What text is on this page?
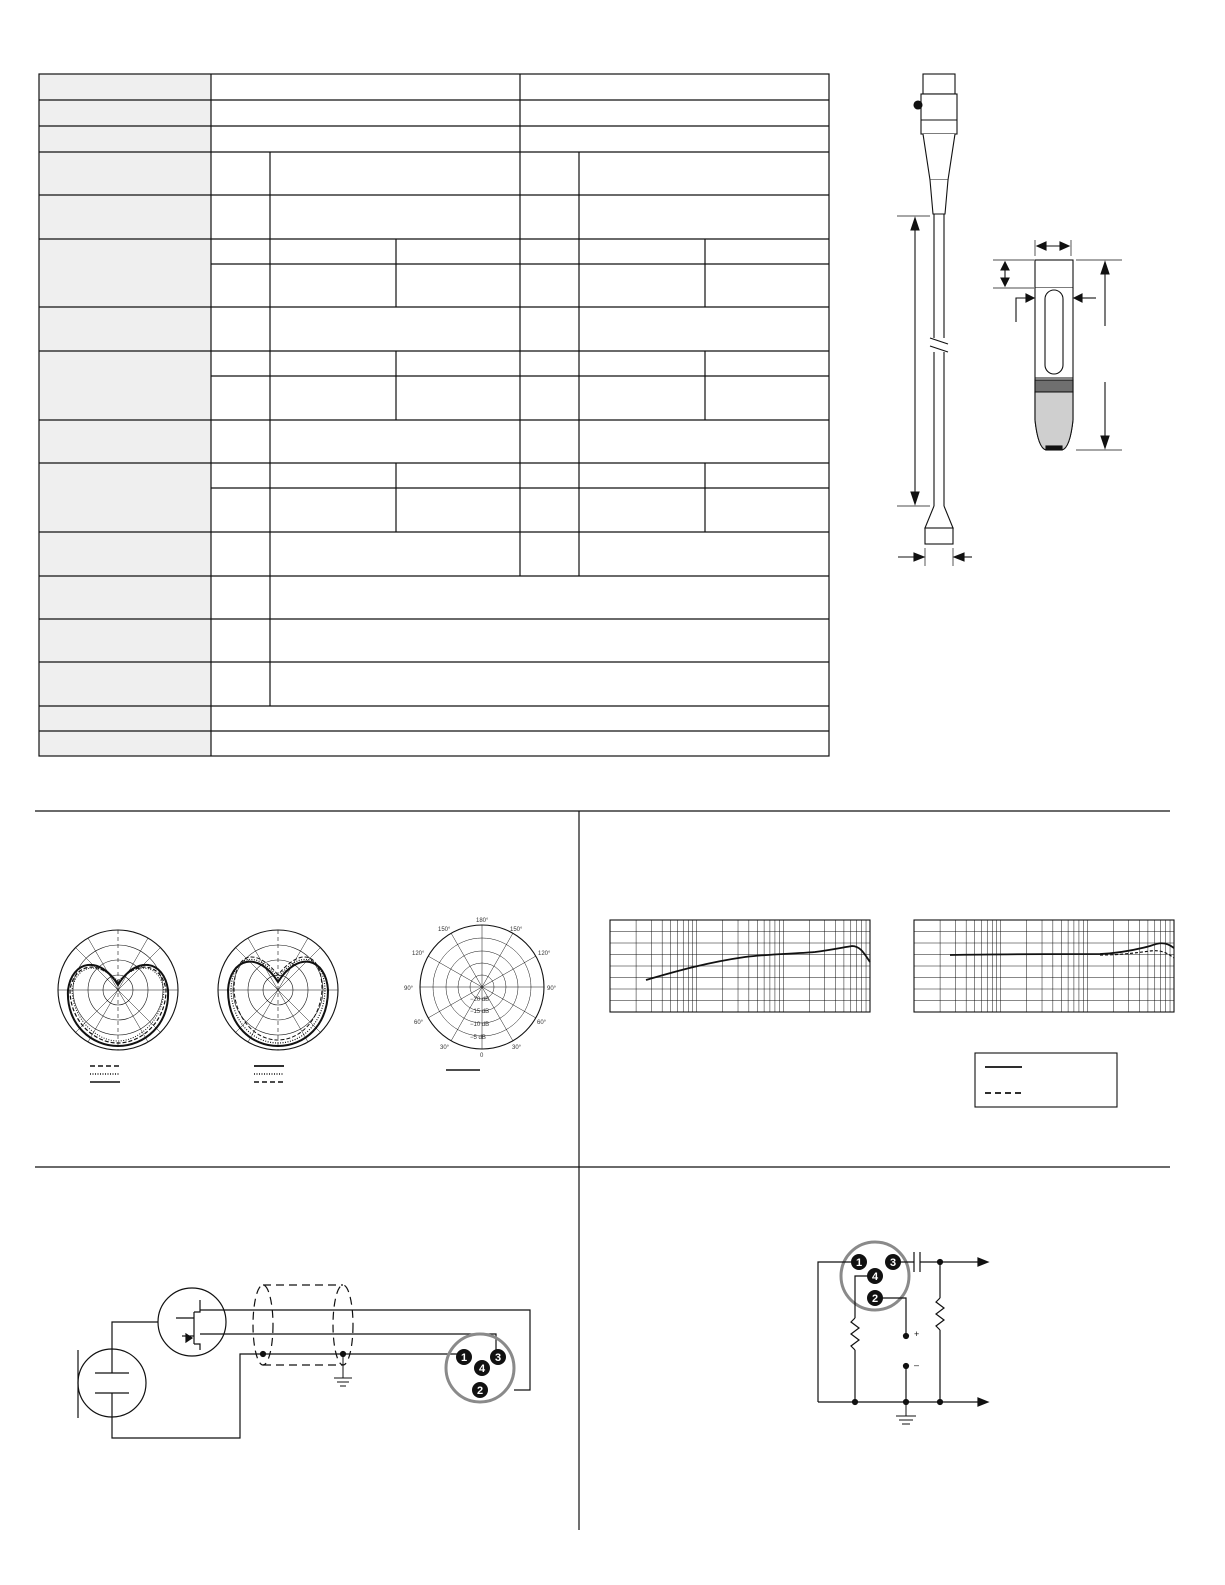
180°
150°	150°
120°	120°
90°	90°
60°	60°
30°	30°
0
−20 dB
−15 dB
−10 dB
−5 dB
1	3
4
2
1	3
4
2
+
–
